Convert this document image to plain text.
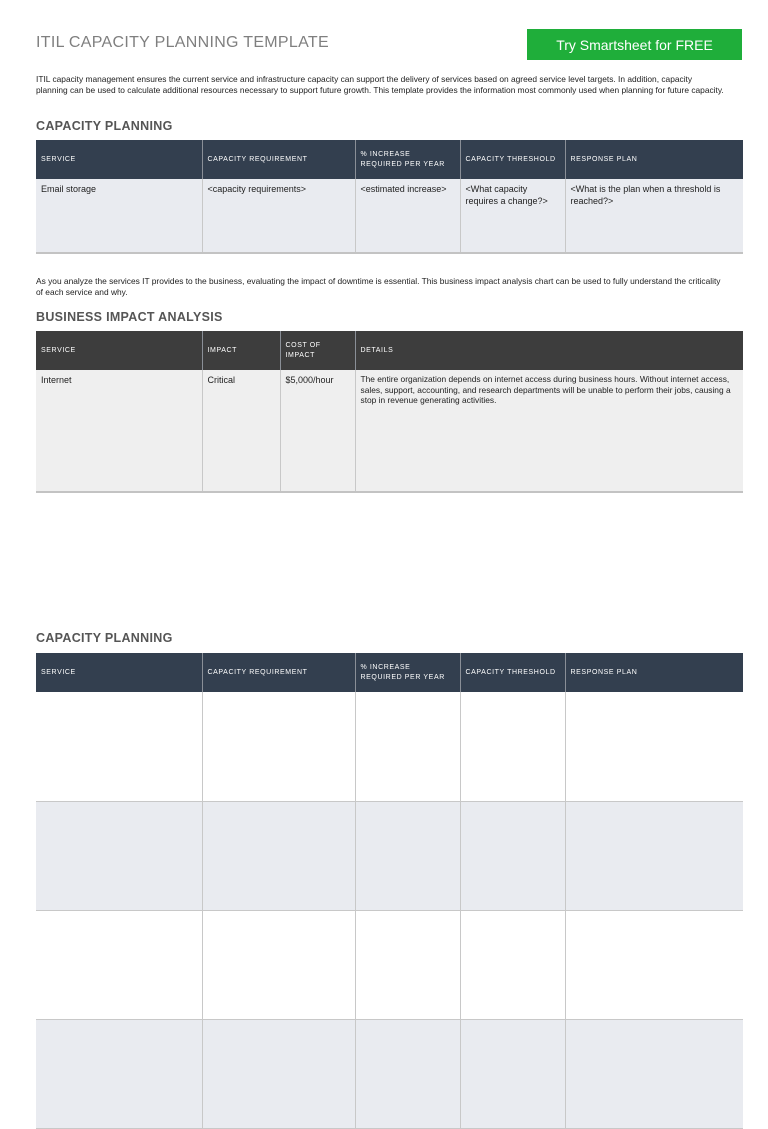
ITIL CAPACITY PLANNING TEMPLATE	Try Smartsheet for FREE
ITIL capacity management ensures the current service and infrastructure capacity can support the delivery of services based on agreed service level targets. In addition, capacity planning can be used to calculate additional resources necessary to support future growth. This template provides the information most commonly used when planning for future capacity.
CAPACITY PLANNING
SERVICE	CAPACITY REQUIREMENT	% INCREASE REQUIRED PER YEAR	CAPACITY THRESHOLD	RESPONSE PLAN
Email storage	<capacity requirements>	<estimated increase>	<What capacity requires a change?>	<What is the plan when a threshold is reached?>
As you analyze the services IT provides to the business, evaluating the impact of downtime is essential. This business impact analysis chart can be used to fully understand the criticality of each service and why.
BUSINESS IMPACT ANALYSIS
SERVICE	IMPACT	COST OF IMPACT	DETAILS
Internet	Critical	$5,000/hour	The entire organization depends on internet access during business hours. Without internet access, sales, support, accounting, and research departments will be unable to perform their jobs, causing a stop in revenue generating activities.
CAPACITY PLANNING
SERVICE	CAPACITY REQUIREMENT	% INCREASE REQUIRED PER YEAR	CAPACITY THRESHOLD	RESPONSE PLAN
